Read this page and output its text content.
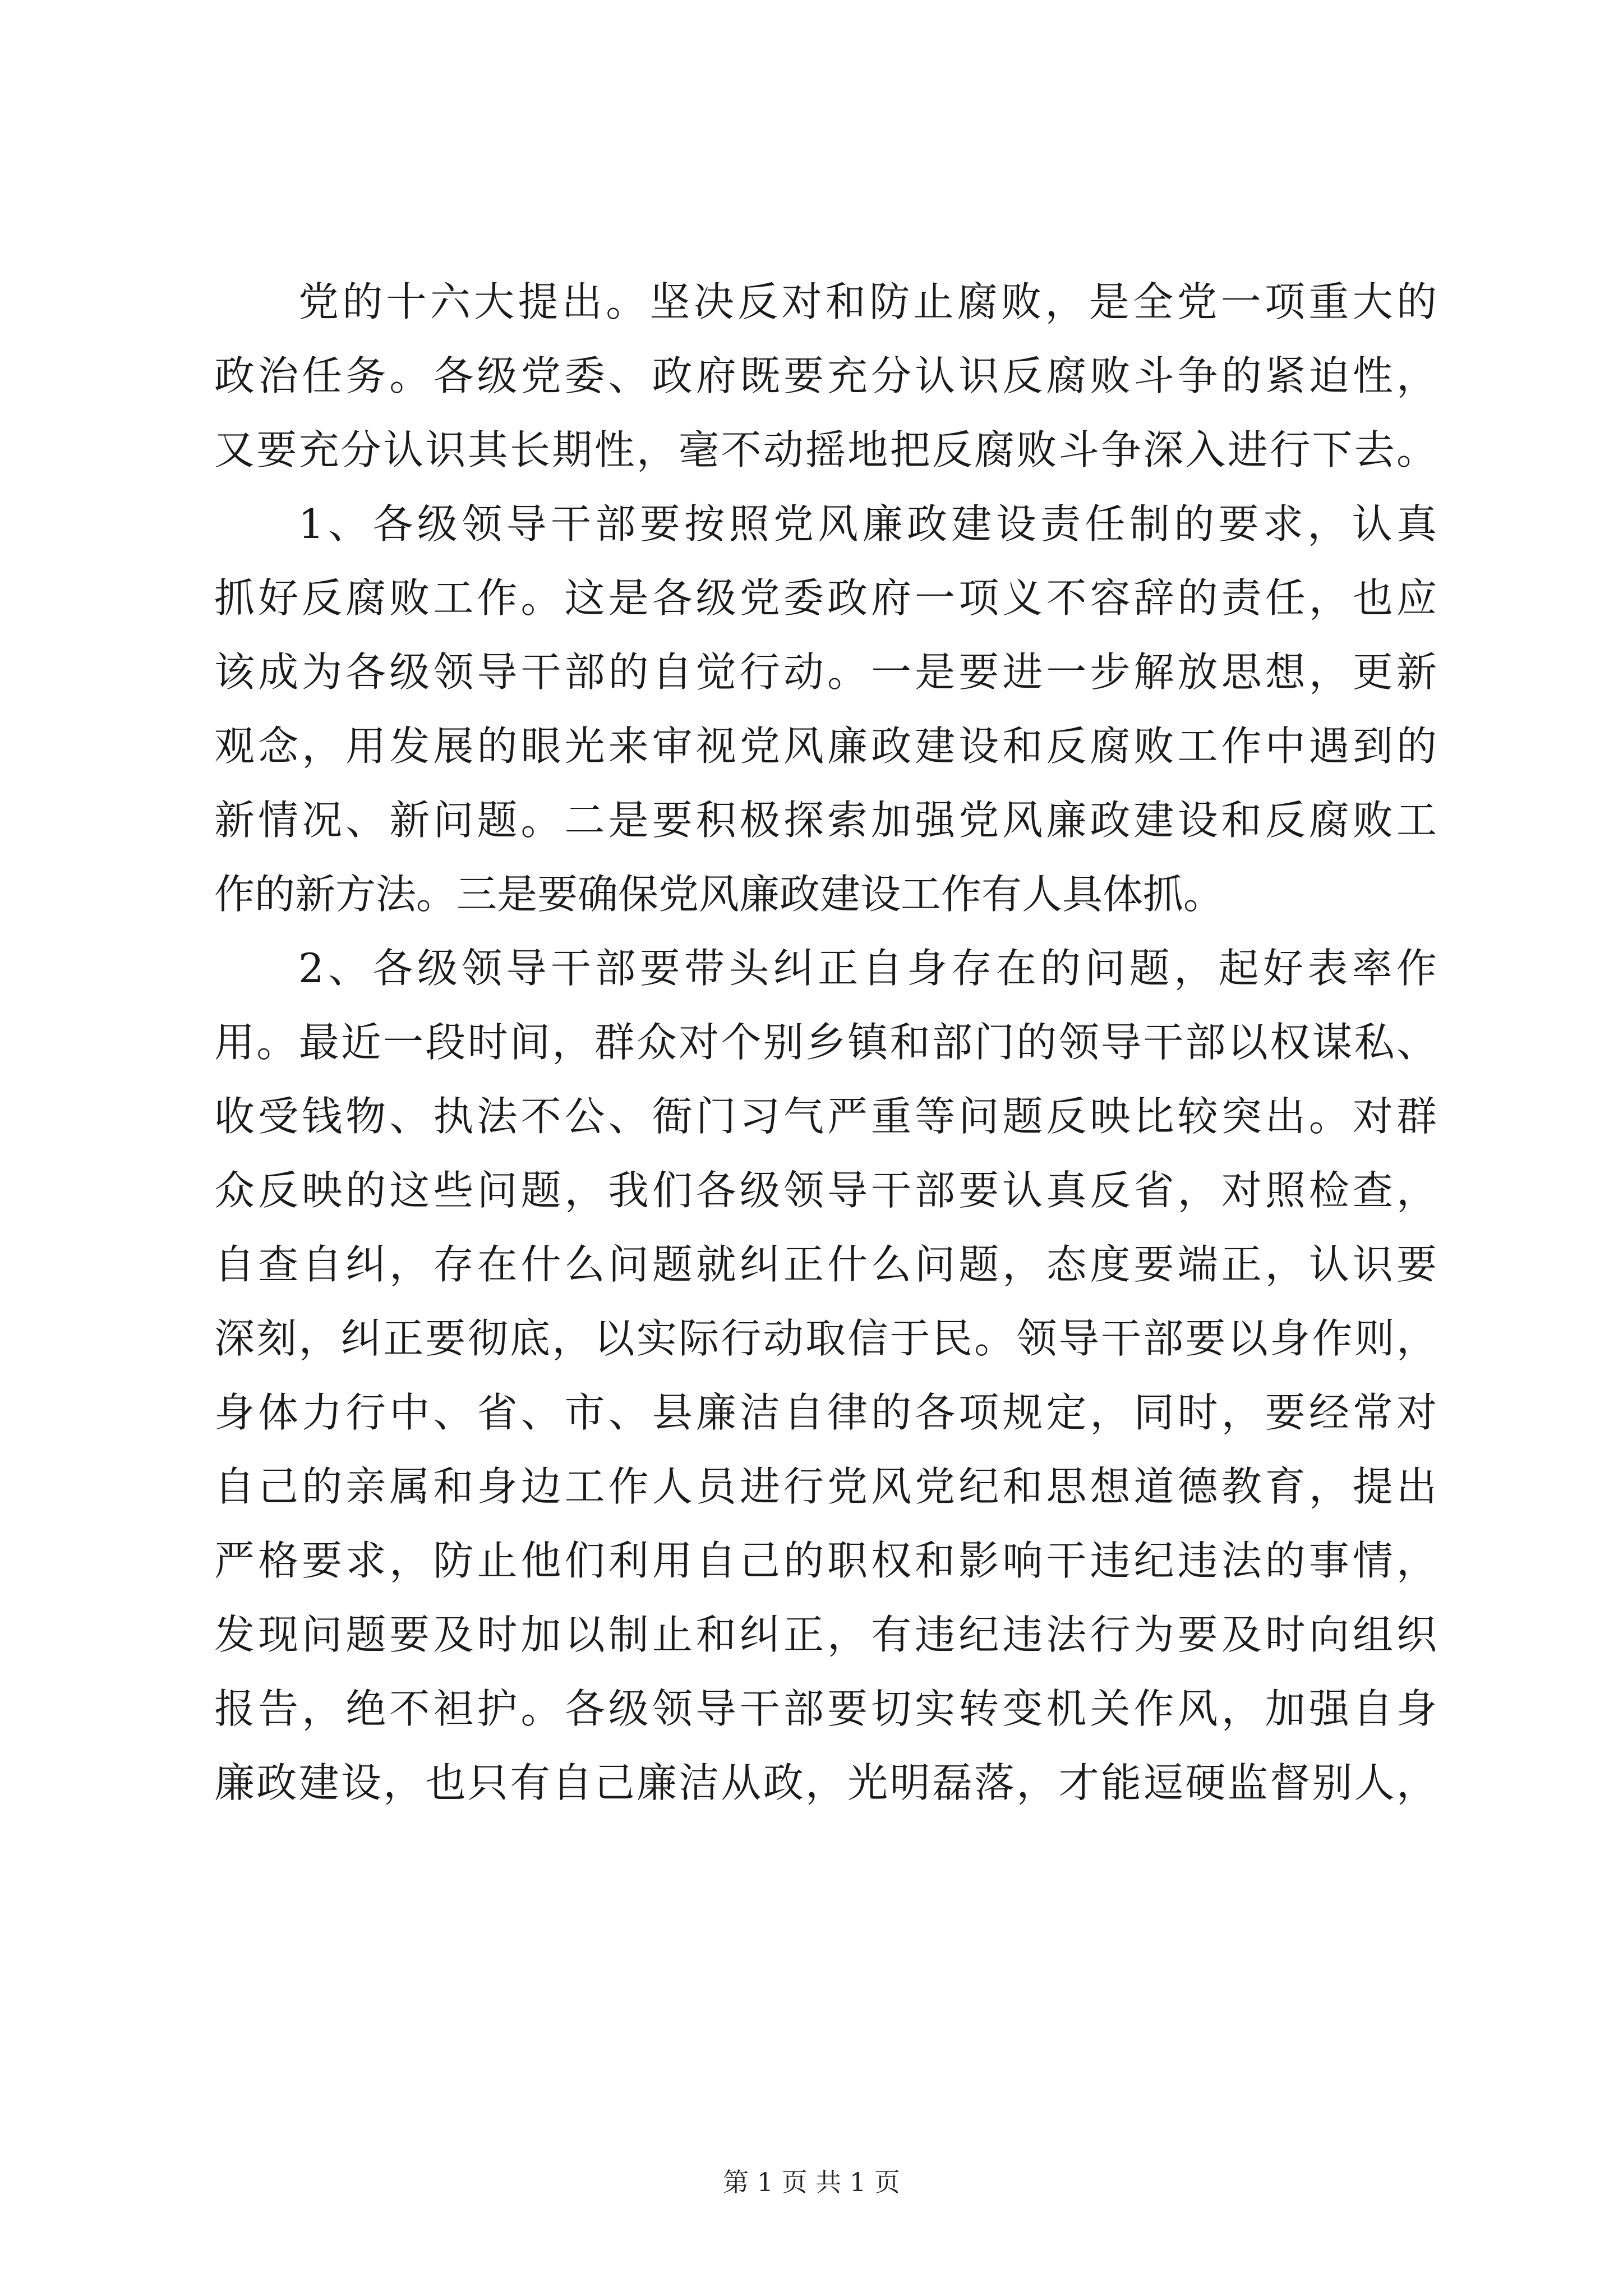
党的十六大提出。坚决反对和防止腐败，是全党一项重大的
政治任务。各级党委、政府既要充分认识反腐败斗争的紧迫性，
又要充分认识其长期性，毫不动摇地把反腐败斗争深入进行下去。
1、各级领导干部要按照党风廉政建设责任制的要求，认真
抓好反腐败工作。这是各级党委政府一项义不容辞的责任，也应
该成为各级领导干部的自觉行动。一是要进一步解放思想，更新
观念，用发展的眼光来审视党风廉政建设和反腐败工作中遇到的
新情况、新问题。二是要积极探索加强党风廉政建设和反腐败工
作的新方法。三是要确保党风廉政建设工作有人具体抓。
2、各级领导干部要带头纠正自身存在的问题，起好表率作
用。最近一段时间，群众对个别乡镇和部门的领导干部以权谋私、
收受钱物、执法不公、衙门习气严重等问题反映比较突出。对群
众反映的这些问题，我们各级领导干部要认真反省，对照检查，
自查自纠，存在什么问题就纠正什么问题，态度要端正，认识要
深刻，纠正要彻底，以实际行动取信于民。领导干部要以身作则，
身体力行中、省、市、县廉洁自律的各项规定，同时，要经常对
自己的亲属和身边工作人员进行党风党纪和思想道德教育，提出
严格要求，防止他们利用自己的职权和影响干违纪违法的事情，
发现问题要及时加以制止和纠正，有违纪违法行为要及时向组织
报告，绝不袒护。各级领导干部要切实转变机关作风，加强自身
廉政建设，也只有自己廉洁从政，光明磊落，才能逗硬监督别人，
第 1 页 共 1 页
